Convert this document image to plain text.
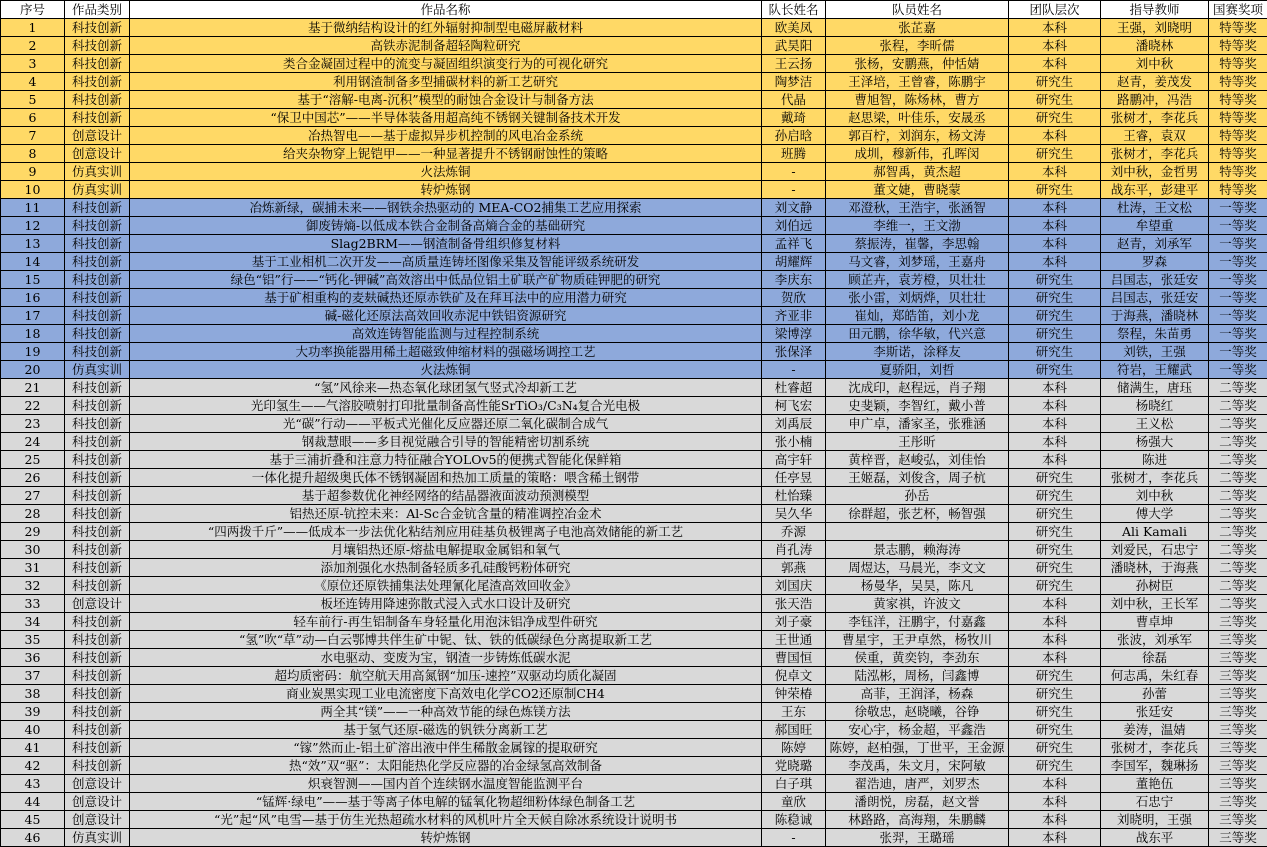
序号	作品类别	作品名称	队长姓名	队员姓名	团队层次	指导教师	国赛奖项
1	科技创新	基于微纳结构设计的红外辐射抑制型电磁屏蔽材料	欧美凤	张芷嘉	本科	王强，刘晓明	特等奖
2	科技创新	高铁赤泥制备超轻陶粒研究	武昊阳	张程，李昕儒	本科	潘晓林	特等奖
3	科技创新	类合金凝固过程中的流变与凝固组织演变行为的可视化研究	王云扬	张杨，安鹏燕，仲恬婧	本科	刘中秋	特等奖
4	科技创新	利用钢渣制备多型捕碳材料的新工艺研究	陶梦洁	王泽培，王曾睿，陈鹏宇	研究生	赵青，姜茂发	特等奖
5	科技创新	基于“溶解-电离-沉积”模型的耐蚀合金设计与制备方法	代晶	曹旭智，陈炀林，曹方	研究生	路鹏冲，冯浩	特等奖
6	科技创新	“保卫中国芯”——半导体装备用超高纯不锈钢关键制备技术开发	戴琦	赵思梁，叶佳乐，安晟丞	研究生	张树才，李花兵	特等奖
7	创意设计	冶热智电——基于虚拟异步机控制的风电冶金系统	孙启晗	郭百柠，刘润东，杨文涛	本科	王睿，袁双	特等奖
8	创意设计	给夹杂物穿上铌铠甲——一种显著提升不锈钢耐蚀性的策略	班腾	成圳，穆新伟，孔晖闵	研究生	张树才，李花兵	特等奖
9	仿真实训	火法炼铜	-	郝智禹，黄杰超	本科	刘中秋，金哲男	特等奖
10	仿真实训	转炉炼钢	-	董文婕，曹晓蒙	研究生	战东平，彭建平	特等奖
11	科技创新	冶炼新绿，碳捕未来——钢铁余热驱动的 MEA-CO2捕集工艺应用探索	刘文静	邓澄秋，王浩宇，张涵智	本科	杜涛，王文松	一等奖
12	科技创新	御废铸熵-以低成本铁合金制备高熵合金的基础研究	刘伯远	李维一，王文渤	本科	牟望重	一等奖
13	科技创新	Slag2BRM——钢渣制备骨组织修复材料	孟祥飞	蔡振涛，崔馨，李思翰	本科	赵青，刘承军	一等奖
14	科技创新	基于工业相机二次开发——高质量连铸坯图像采集及智能评级系统研发	胡耀辉	马文睿，刘梦瑶，王嘉舟	本科	罗森	一等奖
15	科技创新	绿色“铝”行——“钙化-钾碱”高效溶出中低品位铝土矿联产矿物质硅钾肥的研究	李庆东	顾芷卉，袁芳橙，贝壮壮	研究生	吕国志，张廷安	一等奖
16	科技创新	基于矿相重构的麦麸碱热还原赤铁矿及在拜耳法中的应用潜力研究	贺欣	张小雷，刘炳烨，贝壮壮	研究生	吕国志，张廷安	一等奖
17	科技创新	碱-磁化还原法高效回收赤泥中铁铝资源研究	齐亚非	崔灿，郑皓笛，刘小龙	研究生	于海燕，潘晓林	一等奖
18	科技创新	高效连铸智能监测与过程控制系统	梁博淳	田元鹏，徐华敏，代兴意	研究生	祭程，朱苗勇	一等奖
19	科技创新	大功率换能器用稀土超磁致伸缩材料的强磁场调控工艺	张保泽	李斯诺，涂释友	研究生	刘铁，王强	一等奖
20	仿真实训	火法炼铜	-	夏骄阳，刘哲	研究生	符岩，王耀武	一等奖
21	科技创新	“氢”风徐来—热态氧化球团氢气竖式冷却新工艺	杜睿超	沈成印，赵程远，肖子翔	本科	储满生，唐珏	二等奖
22	科技创新	光印氢生——气溶胶喷射打印批量制备高性能SrTiO₃/C₃N₄复合光电极	柯飞宏	史斐颖，李智红，戴小普	本科	杨晓红	二等奖
23	科技创新	光“碳”行动——平板式光催化反应器还原二氧化碳制合成气	刘禹辰	申广卓，潘家圣，张雅涵	本科	王义松	二等奖
24	科技创新	钢裁慧眼——多目视觉融合引导的智能精密切割系统	张小楠	王彤昕	本科	杨强大	二等奖
25	科技创新	基于三浦折叠和注意力特征融合YOLOv5的便携式智能化保鲜箱	高宇轩	黄梓晋，赵峻弘，刘佳怡	本科	陈进	二等奖
26	科技创新	一体化提升超级奥氏体不锈钢凝固和热加工质量的策略：喂含稀土钢带	任亭昱	王姬磊，刘俊含，周子杭	研究生	张树才，李花兵	二等奖
27	科技创新	基于超参数优化神经网络的结晶器液面波动预测模型	杜怡臻	孙岳	研究生	刘中秋	二等奖
28	科技创新	铝热还原-钪控未来：Al-Sc合金钪含量的精准调控冶金术	吴久华	徐群超，张艺杯，畅智强	研究生	傅大学	二等奖
29	科技创新	“四两拨千斤”——低成本一步法优化粘结剂应用硅基负极锂离子电池高效储能的新工艺	乔源		研究生	Ali Kamali	二等奖
30	科技创新	月壤铝热还原-熔盐电解提取金属铝和氧气	肖孔涛	景志鹏，赖海涛	研究生	刘爱民，石忠宁	二等奖
31	科技创新	添加剂强化水热制备轻质多孔硅酸钙粉体研究	郭燕	周煜达，马晨光，李文文	研究生	潘晓林，于海燕	二等奖
32	科技创新	《原位还原铁捕集法处理氰化尾渣高效回收金》	刘国庆	杨曼华，吴昊，陈凡	研究生	孙树臣	二等奖
33	创意设计	板坯连铸用降速弥散式浸入式水口设计及研究	张天浩	黄家祺，许波文	本科	刘中秋，王长军	二等奖
34	科技创新	轻车前行-再生铝制备车身轻量化用泡沫铝净成型件研究	刘子豪	李钰洋，汪鹏宇，付嘉鑫	本科	曹卓坤	三等奖
35	科技创新	“氢”吹“草”动—白云鄂博共伴生矿中铌、钛、铁的低碳绿色分离提取新工艺	王世通	曹星宇，王尹卓然，杨牧川	本科	张波，刘承军	三等奖
36	科技创新	水电驱动、变废为宝，钢渣一步铸炼低碳水泥	曹国恒	侯重，黄奕钧，李劲东	本科	徐磊	三等奖
37	科技创新	超均质密码：航空航天用高氮钢“加压-速控”双驱动均质化凝固	倪卓文	陆泓彬，周杨，闫鑫博	研究生	何志禹，朱红春	三等奖
38	科技创新	商业炭黑实现工业电流密度下高效电化学CO2还原制CH4	钟荣椿	高菲，王润泽，杨森	研究生	孙蕾	三等奖
39	科技创新	两全其“镁”——一种高效节能的绿色炼镁方法	王东	徐敬忠，赵晓曦，谷铮	研究生	张廷安	三等奖
40	科技创新	基于氢气还原-磁选的钒铁分离新工艺	郝国旺	安心宇，杨金超，平鑫浩	研究生	姜涛，温婧	三等奖
41	科技创新	“镓”然而止-铝土矿溶出液中伴生稀散金属镓的提取研究	陈婷	陈婷，赵柏强，丁世平，王金源	研究生	张树才，李花兵	三等奖
42	科技创新	热“效”双“驱”：太阳能热化学反应器的冶金绿氢高效制备	党晓璐	李茂禹，朱文月，宋阿敏	研究生	李国军，魏琳扬	三等奖
43	创意设计	炽衰智测——国内首个连续钢水温度智能监测平台	白子琪	翟浩迪，唐严，刘罗杰	本科	董艳伍	三等奖
44	创意设计	“锰辉·绿电”——基于等离子体电解的锰氧化物超细粉体绿色制备工艺	童欣	潘朗悦，房磊，赵文誉	本科	石忠宁	三等奖
45	创意设计	“光”起“风”电雪—基于仿生光热超疏水材料的风机叶片全天候自除冰系统设计说明书	陈稳诚	林路路，高海翔，朱鹏麟	本科	刘晓明，王强	三等奖
46	仿真实训	转炉炼钢	-	张羿，王璐瑶	本科	战东平	三等奖
